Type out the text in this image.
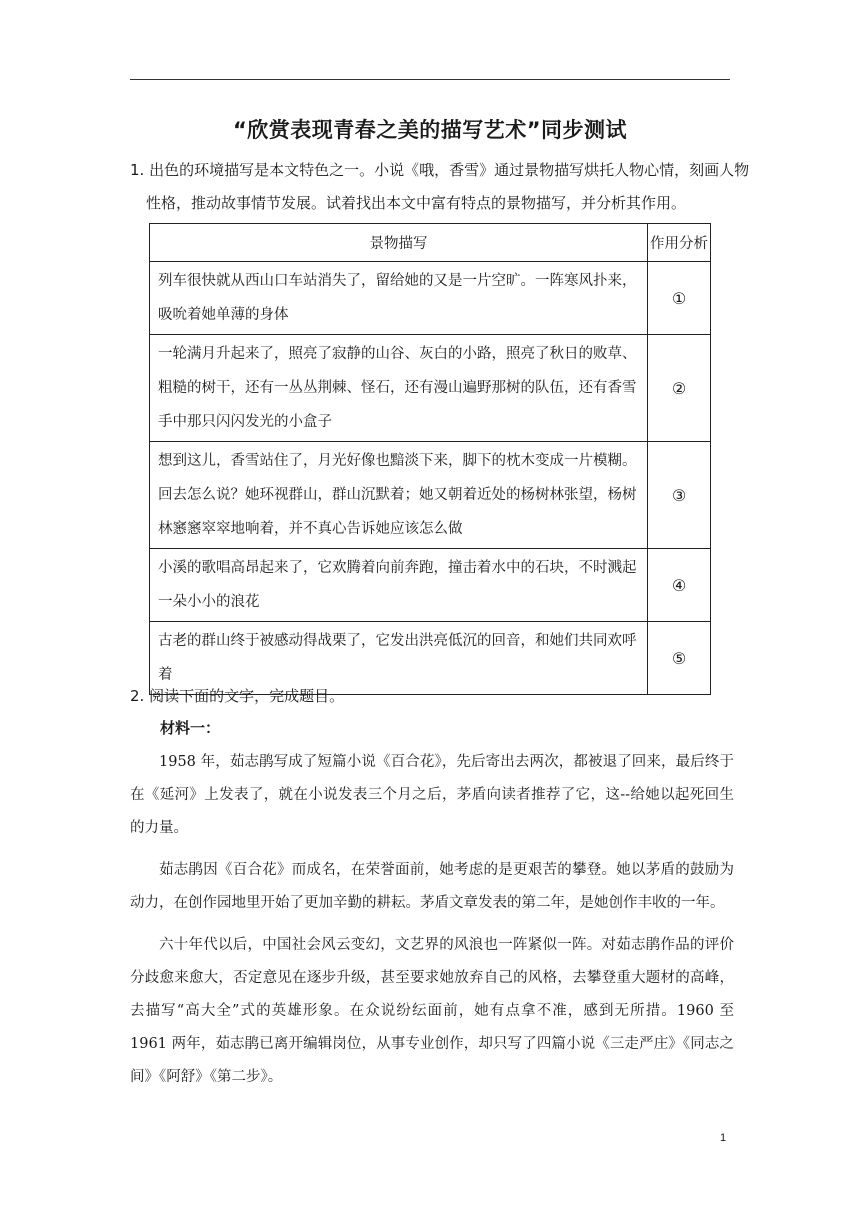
“欣赏表现青春之美的描写艺术”同步测试
1. 出色的环境描写是本文特色之一。小说《哦，香雪》通过景物描写烘托人物心情，刻画人物性格，推动故事情节发展。试着找出本文中富有特点的景物描写，并分析其作用。
景物描写	作用分析
列车很快就从西山口车站消失了，留给她的又是一片空旷。一阵寒风扑来，吸吮着她单薄的身体	①
一轮满月升起来了，照亮了寂静的山谷、灰白的小路，照亮了秋日的败草、粗糙的树干，还有一丛丛荆棘、怪石，还有漫山遍野那树的队伍，还有香雪手中那只闪闪发光的小盒子	②
想到这儿，香雪站住了，月光好像也黯淡下来，脚下的枕木变成一片模糊。回去怎么说？她环视群山，群山沉默着；她又朝着近处的杨树林张望，杨树林窸窸窣窣地响着，并不真心告诉她应该怎么做	③
小溪的歌唱高昂起来了，它欢腾着向前奔跑，撞击着水中的石块，不时溅起一朵小小的浪花	④
古老的群山终于被感动得战栗了，它发出洪亮低沉的回音，和她们共同欢呼着	⑤
2. 阅读下面的文字，完成题目。
材料一：

1958 年，茹志鹃写成了短篇小说《百合花》，先后寄出去两次，都被退了回来，最后终于在《延河》上发表了，就在小说发表三个月之后，茅盾向读者推荐了它，这--给她以起死回生的力量。

茹志鹃因《百合花》而成名，在荣誉面前，她考虑的是更艰苦的攀登。她以茅盾的鼓励为动力，在创作园地里开始了更加辛勤的耕耘。茅盾文章发表的第二年，是她创作丰收的一年。

六十年代以后，中国社会风云变幻，文艺界的风浪也一阵紧似一阵。对茹志鹃作品的评价分歧愈来愈大，否定意见在逐步升级，甚至要求她放弃自己的风格，去攀登重大题材的高峰，去描写“高大全”式的英雄形象。在众说纷纭面前，她有点拿不准，感到无所措。1960 至 1961 两年，茹志鹃已离开编辑岗位，从事专业创作，却只写了四篇小说《三走严庄》《同志之间》《阿舒》《第二步》。

1
